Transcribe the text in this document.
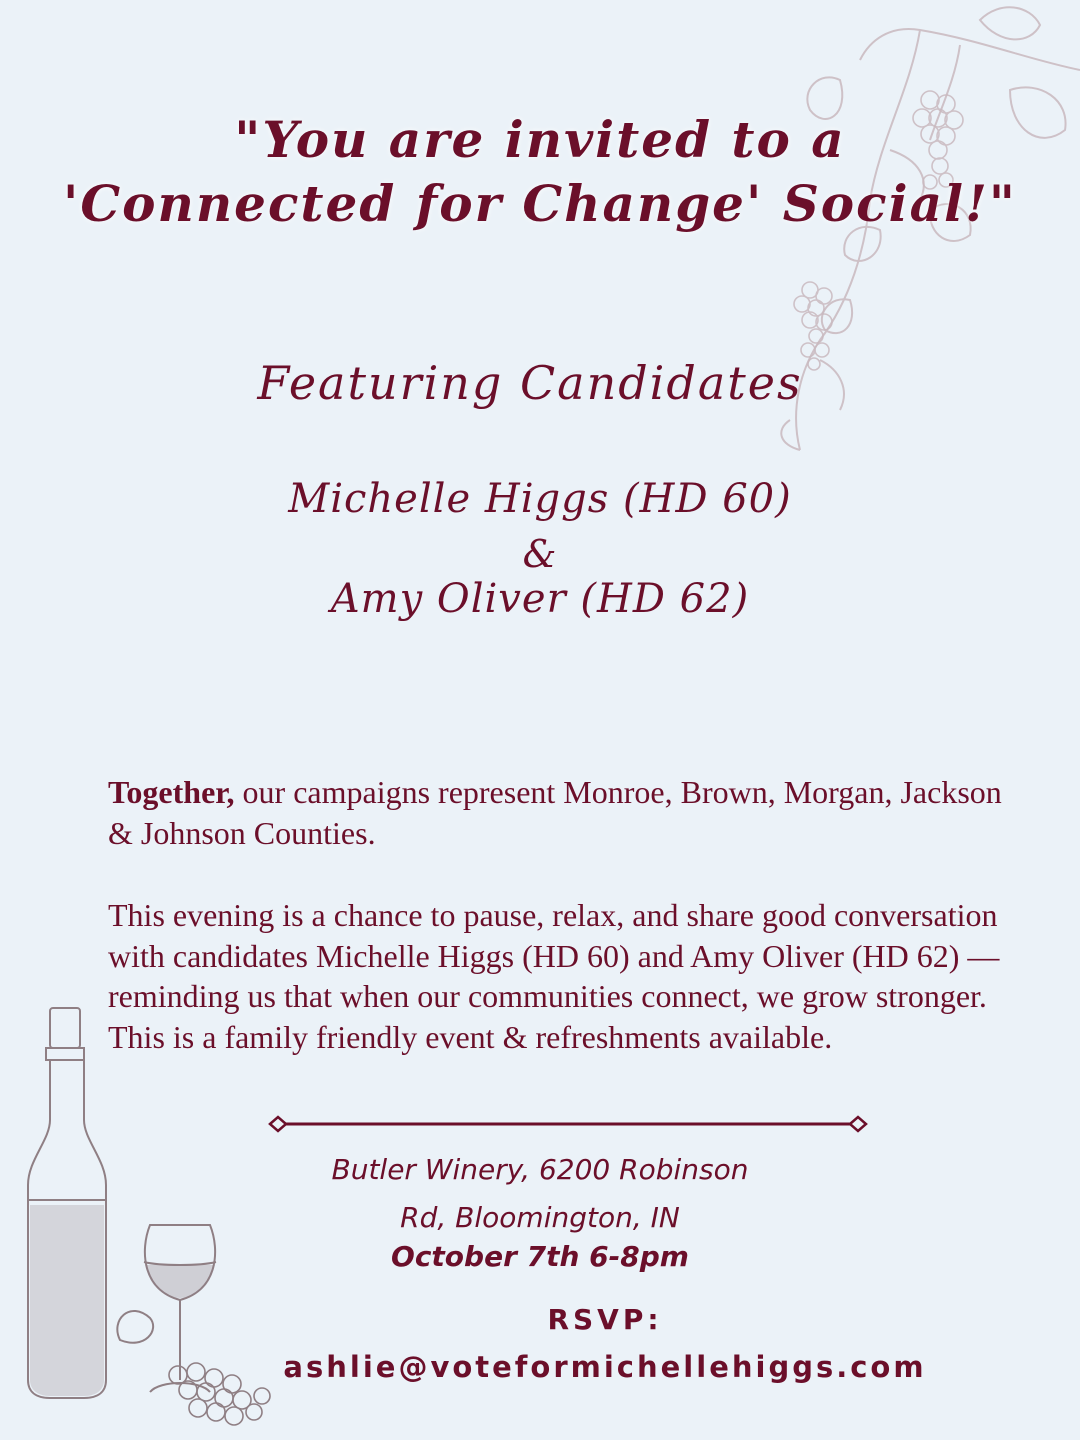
"You are invited to a 'Connected for Change' Social!"
Featuring Candidates
Michelle Higgs (HD 60)
&
Amy Oliver (HD 62)
Together, our campaigns represent Monroe, Brown, Morgan, Jackson & Johnson Counties.
This evening is a chance to pause, relax, and share good conversation with candidates Michelle Higgs (HD 60) and Amy Oliver (HD 62) — reminding us that when our communities connect, we grow stronger.
This is a family friendly event & refreshments available.
Butler Winery, 6200 Robinson Rd, Bloomington, IN
October 7th 6-8pm
RSVP:
ashlie@voteformichellehiggs.com
